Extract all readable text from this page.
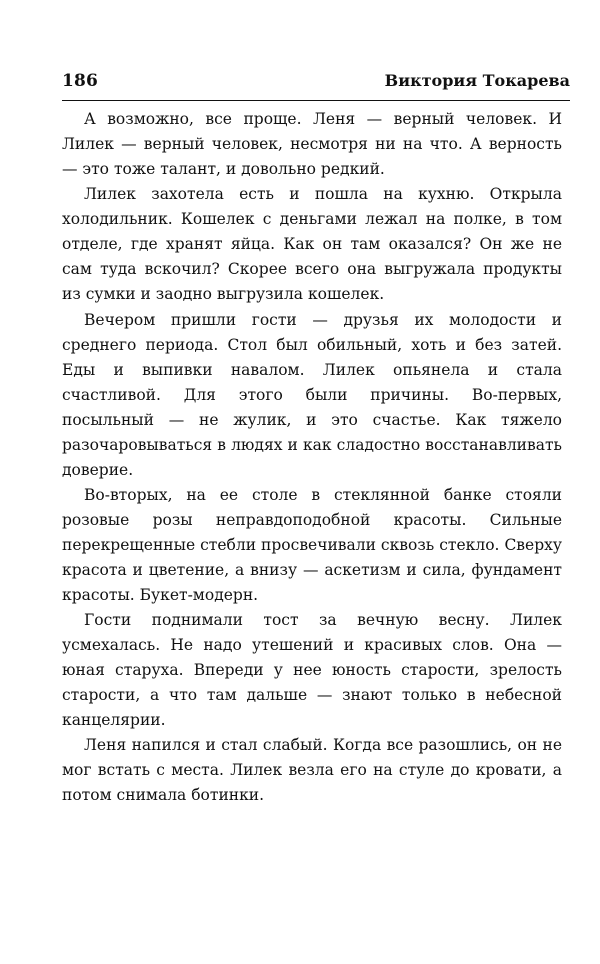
186	Виктория Токарева

А возможно, все проще. Леня — верный человек. И Лилек — верный человек, несмотря ни на что. А верность — это тоже талант, и довольно редкий.

Лилек захотела есть и пошла на кухню. Открыла холодильник. Кошелек с деньгами лежал на полке, в том отделе, где хранят яйца. Как он там оказался? Он же не сам туда вскочил? Скорее всего она выгружала продукты из сумки и заодно выгрузила кошелек.

Вечером пришли гости — друзья их молодости и среднего периода. Стол был обильный, хоть и без затей. Еды и выпивки навалом. Лилек опьянела и стала счастливой. Для этого были причины. Во-первых, посыльный — не жулик, и это счастье. Как тяжело разочаровываться в людях и как сладостно восстанавливать доверие.

Во-вторых, на ее столе в стеклянной банке стояли розовые розы неправдоподобной красоты. Сильные перекрещенные стебли просвечивали сквозь стекло. Сверху красота и цветение, а внизу — аскетизм и сила, фундамент красоты. Букет-модерн.

Гости поднимали тост за вечную весну. Лилек усмехалась. Не надо утешений и красивых слов. Она — юная старуха. Впереди у нее юность старости, зрелость старости, а что там дальше — знают только в небесной канцелярии.

Леня напился и стал слабый. Когда все разошлись, он не мог встать с места. Лилек везла его на стуле до кровати, а потом снимала ботинки.
